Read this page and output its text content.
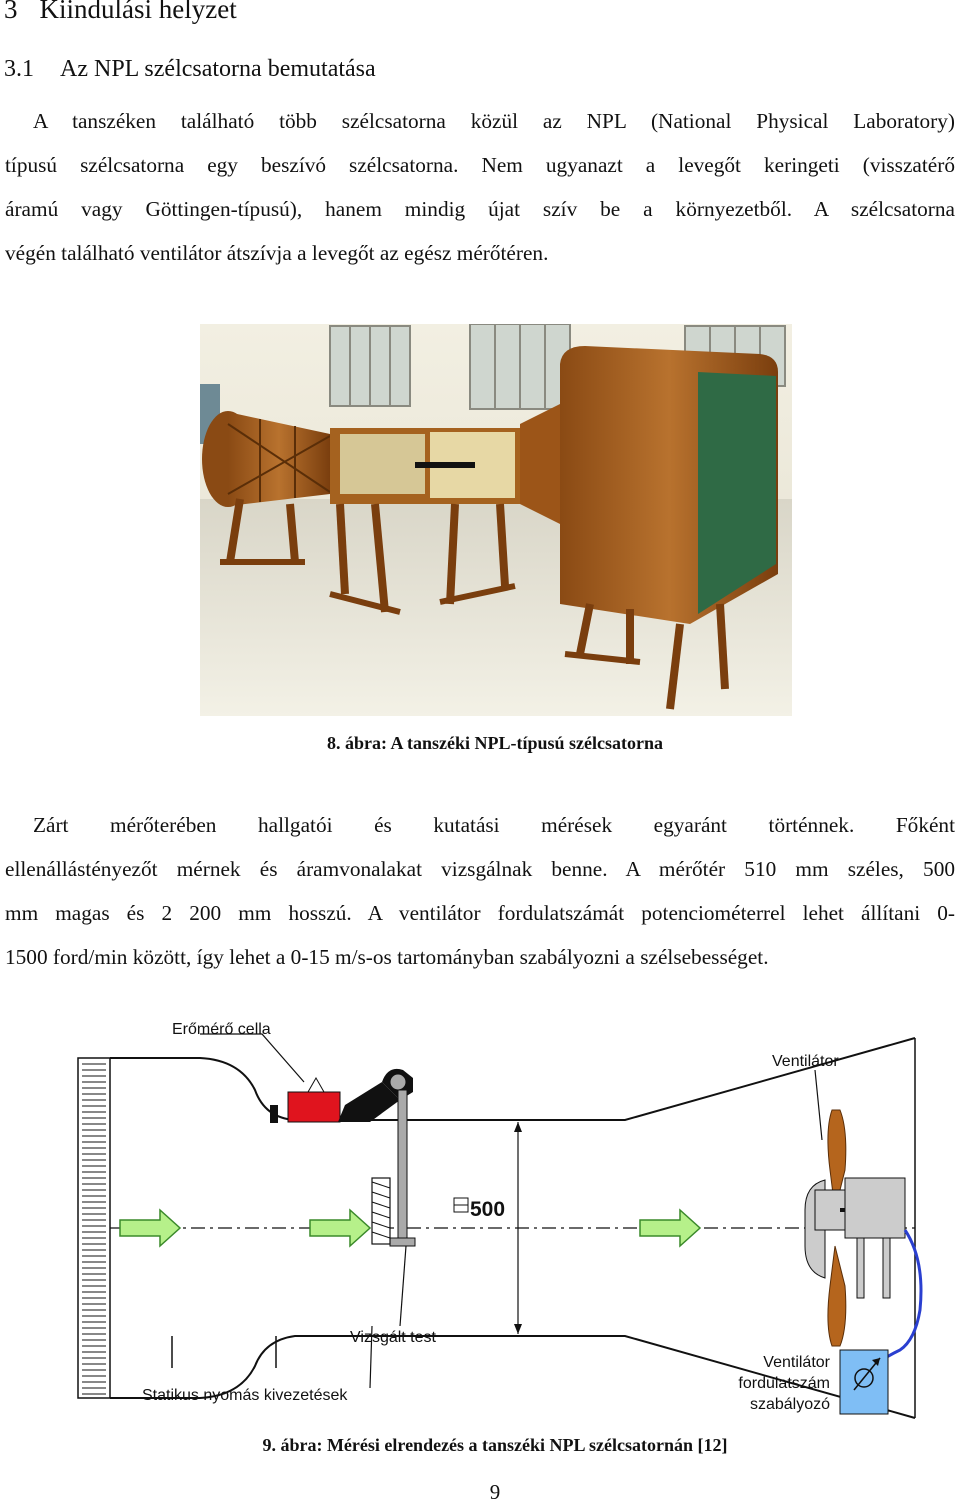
3 Kiindulási helyzet
3.1 Az NPL szélcsatorna bemutatása

A tanszéken található több szélcsatorna közül az NPL (National Physical Laboratory)
típusú szélcsatorna egy beszívó szélcsatorna. Nem ugyanazt a levegőt keringeti (visszatérő
áramú vagy Göttingen-típusú), hanem mindig újat szív be a környezetből. A szélcsatorna
végén található ventilátor átszívja a levegőt az egész mérőtéren.

8. ábra: A tanszéki NPL-típusú szélcsatorna

Zárt mérőterében hallgatói és kutatási mérések egyaránt történnek. Főként
ellenállástényezőt mérnek és áramvonalakat vizsgálnak benne. A mérőtér 510 mm széles, 500
mm magas és 2 200 mm hosszú. A ventilátor fordulatszámát potenciométerrel lehet állítani 0-
1500 ford/min között, így lehet a 0-15 m/s-os tartományban szabályozni a szélsebességet.

500
Erőmérő cella
Ventilátor
Vizsgált test
Statikus nyomás kivezetések
Ventilátor
fordulatszám
szabályozó

9. ábra: Mérési elrendezés a tanszéki NPL szélcsatornán [12]

9
